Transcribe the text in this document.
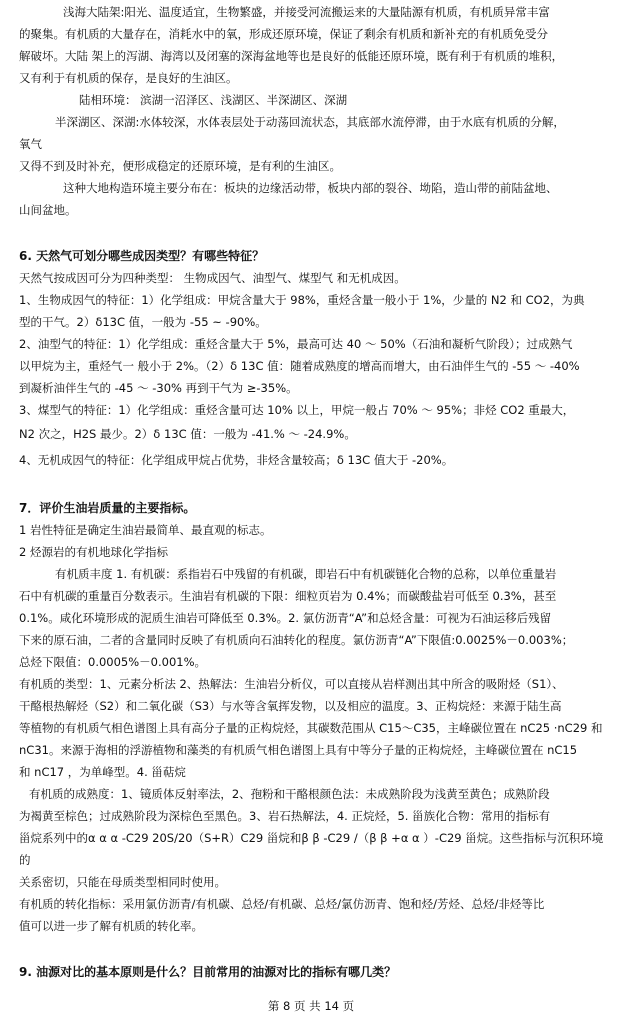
浅海大陆架:阳光、温度适宜，生物繁盛，并接受河流搬运来的大量陆源有机质，有机质异常丰富

的聚集。有机质的大量存在，消耗水中的氧，形成还原环境，保证了剩余有机质和新补充的有机质免受分

解破坏。大陆 架上的泻湖、海湾以及闭塞的深海盆地等也是良好的低能还原环境，既有利于有机质的堆积，

又有利于有机质的保存，是良好的生油区。

陆相环境： 滨湖一沼泽区、浅湖区、半深湖区、深湖

半深湖区、深湖:水体较深，水体表层处于动荡回流状态，其底部水流停滞，由于水底有机质的分解，

氧气

又得不到及时补充，便形成稳定的还原环境，是有利的生油区。

这种大地构造环境主要分布在：板块的边缘活动带，板块内部的裂谷、坳陷，造山带的前陆盆地、

山间盆地。

6. 天然气可划分哪些成因类型？有哪些特征？

天然气按成因可分为四种类型： 生物成因气、油型气、煤型气 和无机成因。

1、生物成因气的特征：1）化学组成：甲烷含量大于 98%，重烃含量一般小于 1%，少量的 N2 和 CO2，为典

型的干气。2）δ13C 值，一般为 -55 ~ -90%。

2、油型气的特征：1）化学组成：重烃含量大于 5%，最高可达 40 ～ 50%（石油和凝析气阶段）；过成熟气

以甲烷为主，重烃气一 般小于 2%。（2）δ 13C 值：随着成熟度的增高而增大，由石油伴生气的 -55 ～ -40%

到凝析油伴生气的 -45 ～ -30% 再到干气为 ≥-35%。

3、煤型气的特征：1）化学组成：重烃含量可达 10% 以上，甲烷一般占 70% ～ 95%；非烃 CO2 重最大，

N2 次之，H2S 最少。2）δ 13C 值：一般为 -41.% ～ -24.9%。

4、无机成因气的特征：化学组成甲烷占优势，非烃含量较高；δ 13C 值大于 -20%。

7．评价生油岩质量的主要指标。

1 岩性特征是确定生油岩最简单、最直观的标志。

2 烃源岩的有机地球化学指标

有机质丰度 1. 有机碳：系指岩石中残留的有机碳，即岩石中有机碳链化合物的总称，以单位重量岩

石中有机碳的重量百分数表示。生油岩有机碳的下限：细粒页岩为 0.4%；而碳酸盐岩可低至 0.3%，甚至

0.1%。咸化环境形成的泥质生油岩可降低至 0.3%。2. 氯仿沥青“A”和总烃含量：可视为石油运移后残留

下来的原石油，二者的含量同时反映了有机质向石油转化的程度。氯仿沥青“A”下限值:0.0025%－0.003%；

总烃下限值：0.0005%－0.001%。

有机质的类型：1、元素分析法 2、热解法：生油岩分析仪，可以直接从岩样测出其中所含的吸附烃（S1）、

干酪根热解烃（S2）和二氧化碳（S3）与水等含氧挥发物，以及相应的温度。3、正构烷烃：来源于陆生高

等植物的有机质气相色谱图上具有高分子量的正构烷烃，其碳数范围从 C15～C35，主峰碳位置在 nC25 ·nC29 和

nC31。来源于海相的浮游植物和藻类的有机质气相色谱图上具有中等分子量的正构烷烃，主峰碳位置在 nC15

和 nC17 ，为单峰型。4. 甾萜烷

有机质的成熟度：1、镜质体反射率法，2、孢粉和干酪根颜色法：未成熟阶段为浅黄至黄色；成熟阶段

为褐黄至棕色；过成熟阶段为深棕色至黑色。3、岩石热解法，4. 正烷烃，5. 甾族化合物：常用的指标有

甾烷系列中的α α α -C29 20S/20（S+R）C29 甾烷和β β -C29 /（β β +α α ）-C29 甾烷。这些指标与沉积环境的

关系密切，只能在母质类型相同时使用。

有机质的转化指标：采用氯仿沥青/有机碳、总烃/有机碳、总烃/氯仿沥青、饱和烃/芳烃、总烃/非烃等比

值可以进一步了解有机质的转化率。

9. 油源对比的基本原则是什么？目前常用的油源对比的指标有哪几类？

第 8 页 共 14 页
